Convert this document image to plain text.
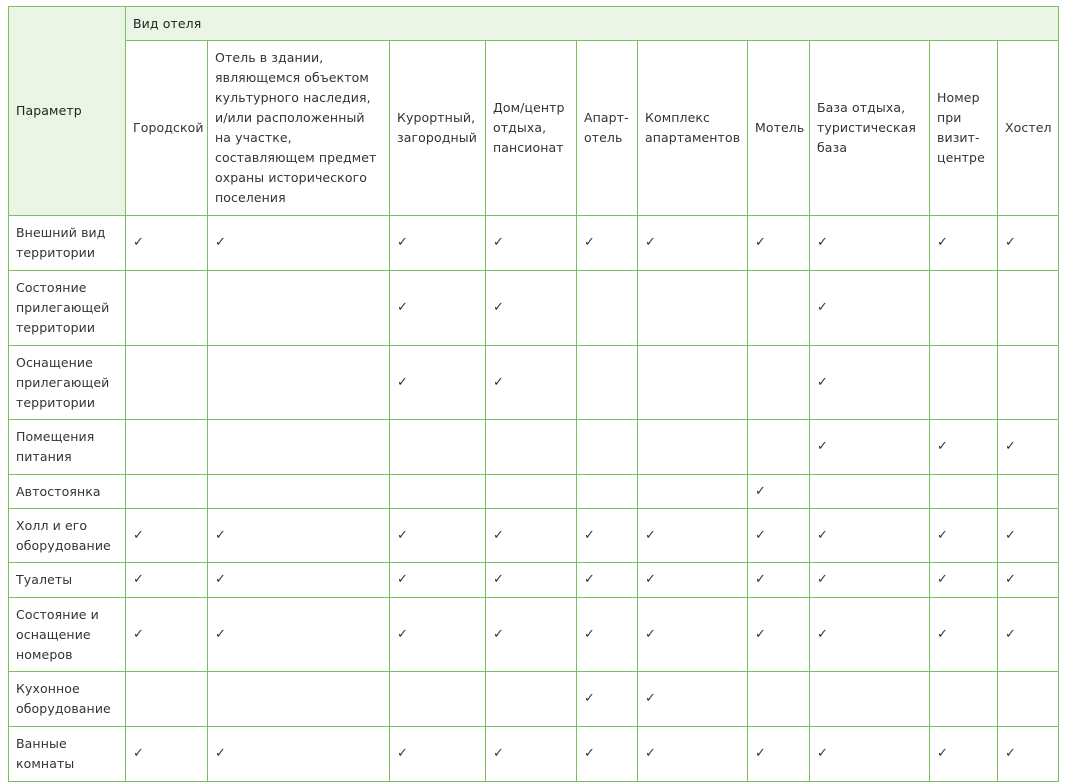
Параметр	Вид отеля									
	Городской	Отель в здании, являющемся объектом культурного наследия, и/или расположенный на участке, составляющем предмет охраны исторического поселения	Курортный, загородный	Дом/центр отдыха, пансионат	Апарт-отель	Комплекс апартаментов	Мотель	База отдыха, туристическая база	Номер при визит-центре	Хостел
Внешний вид территории	✓	✓	✓	✓	✓	✓	✓	✓	✓	✓
Состояние прилегающей территории			✓	✓				✓		
Оснащение прилегающей территории			✓	✓				✓		
Помещения питания								✓	✓	✓
Автостоянка							✓			
Холл и его оборудование	✓	✓	✓	✓	✓	✓	✓	✓	✓	✓
Туалеты	✓	✓	✓	✓	✓	✓	✓	✓	✓	✓
Состояние и оснащение номеров	✓	✓	✓	✓	✓	✓	✓	✓	✓	✓
Кухонное оборудование					✓	✓				
Ванные комнаты	✓	✓	✓	✓	✓	✓	✓	✓	✓	✓
